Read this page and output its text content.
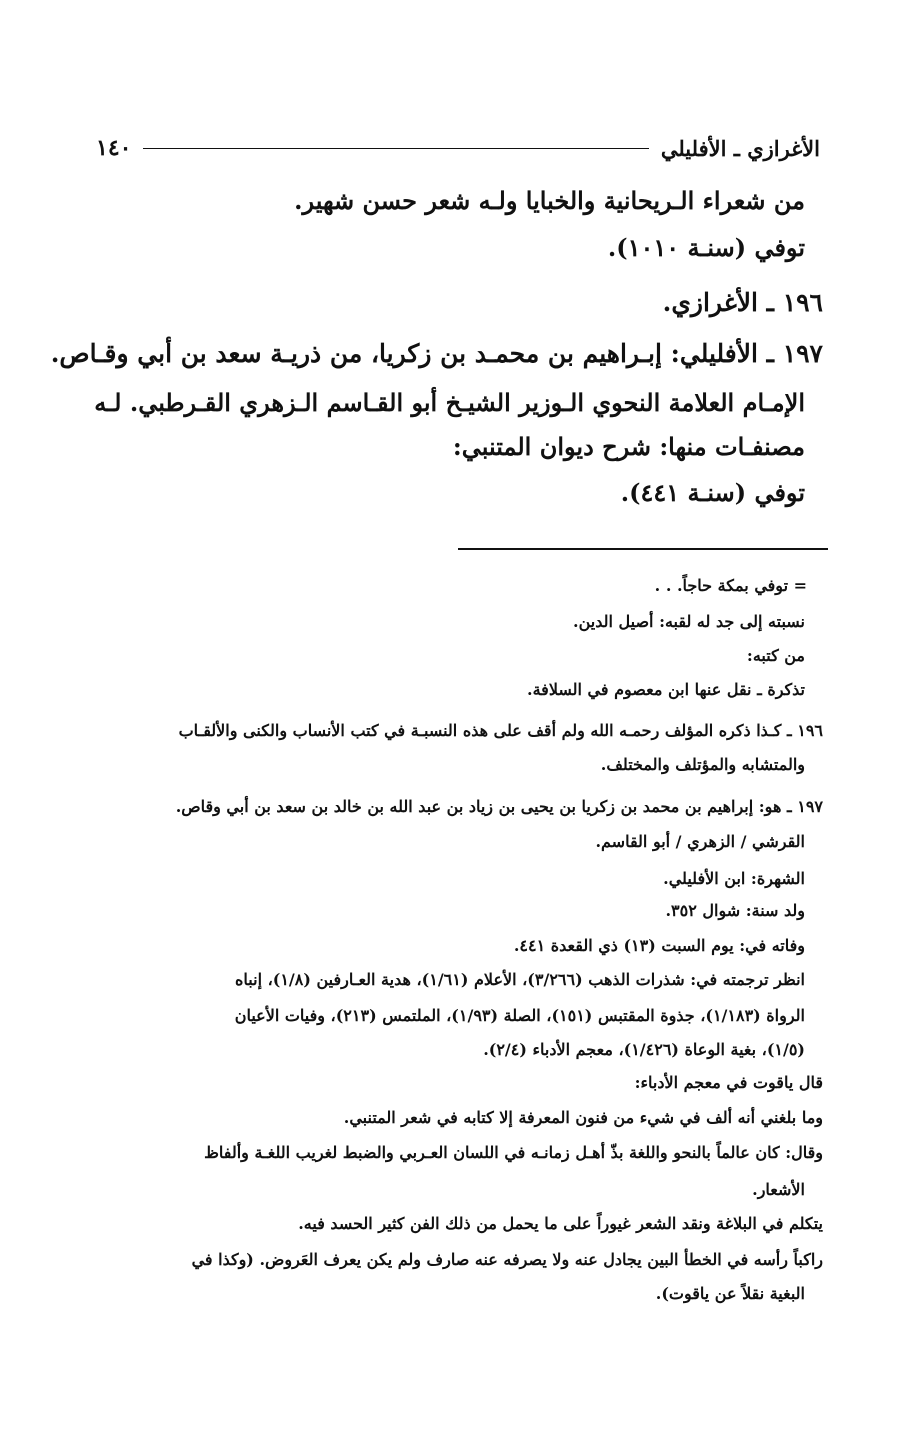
الأغرازي ـ الأفليلي
١٤٠
من شعراء الـريحانية والخبايا ولـه شعر حسن شهير.
توفي (سنـة ١٠١٠).
١٩٦ ـ الأغرازي.
١٩٧ ـ الأفليلي: إبـراهيم بن محمـد بن زكريا، من ذريـة سعد بن أبي وقـاص.
الإمـام العلامة النحوي الـوزير الشيـخ أبو القـاسم الـزهري القـرطبي. لـه
مصنفـات منها: شرح ديوان المتنبي:
توفي (سنـة ٤٤١).
= توفي بمكة حاجاً. . .
نسبته إلى جد له لقبه: أصيل الدين.
من كتبه:
تذكرة ـ نقل عنها ابن معصوم في السلافة.
١٩٦ ـ كـذا ذكره المؤلف رحمـه الله ولم أقف على هذه النسبـة في كتب الأنساب والكنى والألقـاب
والمتشابه والمؤتلف والمختلف.
١٩٧ ـ هو: إبراهيم بن محمد بن زكريا بن يحيى بن زياد بن عبد الله بن خالد بن سعد بن أبي وقاص.
القرشي / الزهري / أبو القاسم.
الشهرة: ابن الأفليلي.
ولد سنة: شوال ٣٥٢.
وفاته في: يوم السبت (١٣) ذي القعدة ٤٤١.
انظر ترجمته في: شذرات الذهب (٣/٢٦٦)، الأعلام (١/٦١)، هدية العـارفين (١/٨)، إنباه
الرواة (١/١٨٣)، جذوة المقتبس (١٥١)، الصلة (١/٩٣)، الملتمس (٢١٣)، وفيات الأعيان
(١/٥)، بغية الوعاة (١/٤٢٦)، معجم الأدباء (٢/٤).
قال ياقوت في معجم الأدباء:
وما بلغني أنه ألف في شيء من فنون المعرفة إلا كتابه في شعر المتنبي.
وقال: كان عالماً بالنحو واللغة بذّ أهـل زمانـه في اللسان العـربي والضبط لغريب اللغـة وألفاظ
الأشعار.
يتكلم في البلاغة ونقد الشعر غيوراً على ما يحمل من ذلك الفن كثير الحسد فيه.
راكباً رأسه في الخطأ البين يجادل عنه ولا يصرفه عنه صارف ولم يكن يعرف العَروض. (وكذا في
البغية نقلاً عن ياقوت).
